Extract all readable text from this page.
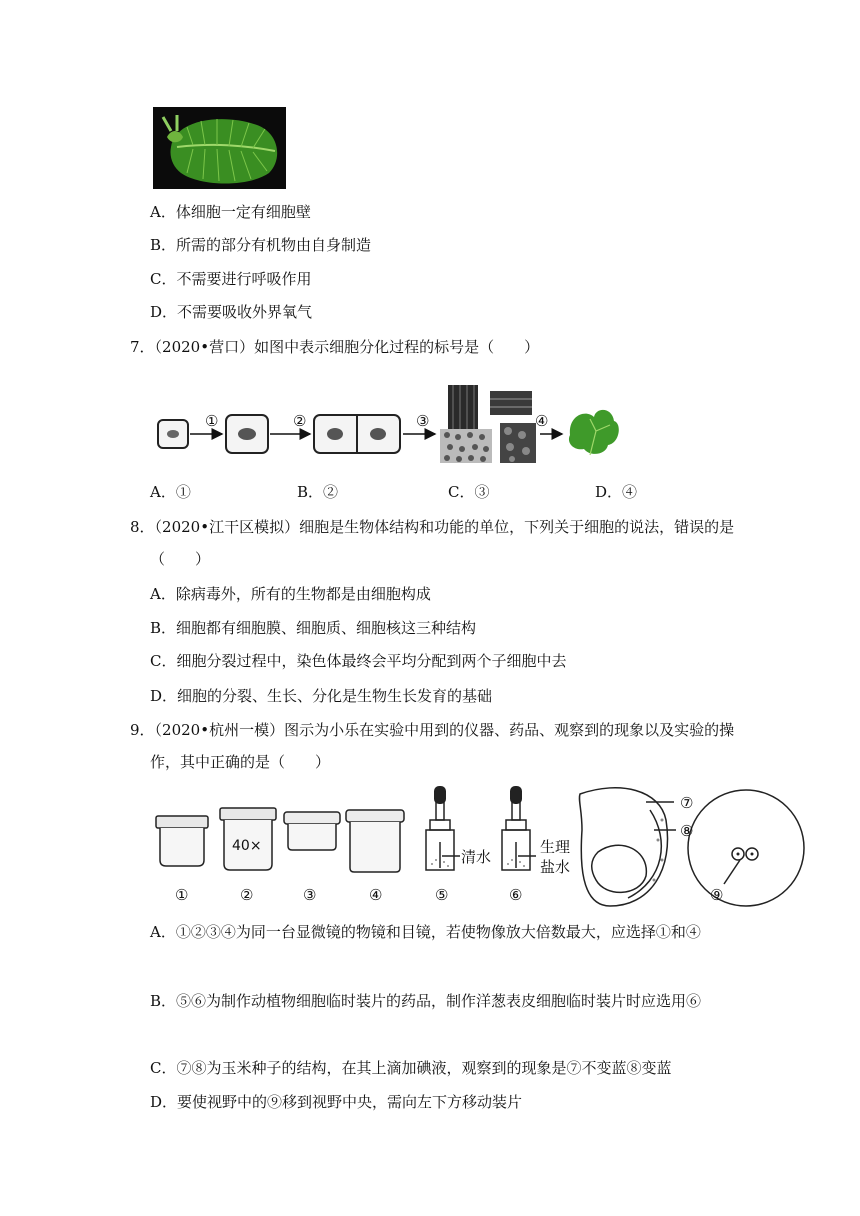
A．体细胞一定有细胞壁
B．所需的部分有机物由自身制造
C．不需要进行呼吸作用
D．不需要吸收外界氧气
7．（2020•营口）如图中表示细胞分化过程的标号是（　　）
①	②	③	④
A．①	B．②	C．③	D．④
8．（2020•江干区模拟）细胞是生物体结构和功能的单位，下列关于细胞的说法，错误的是
（　　）
A．除病毒外，所有的生物都是由细胞构成
B．细胞都有细胞膜、细胞质、细胞核这三种结构
C．细胞分裂过程中，染色体最终会平均分配到两个子细胞中去
D．细胞的分裂、生长、分化是生物生长发育的基础
9．（2020•杭州一模）图示为小乐在实验中用到的仪器、药品、观察到的现象以及实验的操
作，其中正确的是（　　）
40×
清水
生理
盐水
①	②	③	④	⑤	⑥
⑦
⑧
⑨
A．①②③④为同一台显微镜的物镜和目镜，若使物像放大倍数最大，应选择①和④
B．⑤⑥为制作动植物细胞临时装片的药品，制作洋葱表皮细胞临时装片时应选用⑥
C．⑦⑧为玉米种子的结构，在其上滴加碘液，观察到的现象是⑦不变蓝⑧变蓝
D．要使视野中的⑨移到视野中央，需向左下方移动装片
